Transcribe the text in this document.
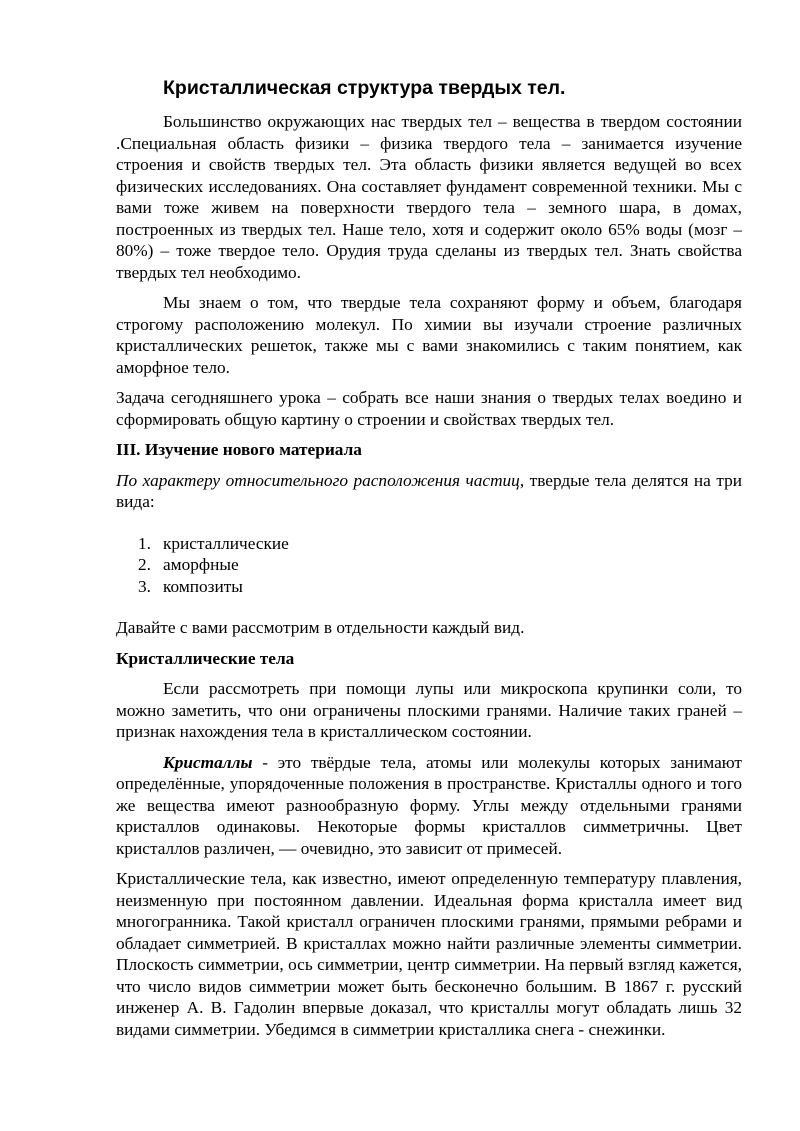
Кристаллическая структура твердых тел.

Большинство окружающих нас твердых тел – вещества в твердом состоянии .Специальная область физики – физика твердого тела – занимается изучение строения и свойств твердых тел. Эта область физики является ведущей во всех физических исследованиях. Она составляет фундамент современной техники. Мы с вами тоже живем на поверхности твердого тела – земного шара, в домах, построенных из твердых тел. Наше тело, хотя и содержит около 65% воды (мозг – 80%) – тоже твердое тело. Орудия труда сделаны из твердых тел. Знать свойства твердых тел необходимо.

Мы знаем о том, что твердые тела сохраняют форму и объем, благодаря строгому расположению молекул. По химии вы изучали строение различных кристаллических решеток, также мы с вами знакомились с таким понятием, как аморфное тело.

Задача сегодняшнего урока – собрать все наши знания о твердых телах воедино и сформировать общую картину о строении и свойствах твердых тел.

III. Изучение нового материала

По характеру относительного расположения частиц, твердые тела делятся на три вида:

1. кристаллические
2. аморфные
3. композиты

Давайте с вами рассмотрим в отдельности каждый вид.

Кристаллические тела

Если рассмотреть при помощи лупы или микроскопа крупинки соли, то можно заметить, что они ограничены плоскими гранями. Наличие таких граней – признак нахождения тела в кристаллическом состоянии.

Кристаллы - это твёрдые тела, атомы или молекулы которых занимают определённые, упорядоченные положения в пространстве. Кристаллы одного и того же вещества имеют разнообразную форму. Углы между отдельными гранями кристаллов одинаковы. Некоторые формы кристаллов симметричны. Цвет кристаллов различен, — очевидно, это зависит от примесей.

Кристаллические тела, как известно, имеют определенную температуру плавления, неизменную при постоянном давлении. Идеальная форма кристалла имеет вид многогранника. Такой кристалл ограничен плоскими гранями, прямыми ребрами и обладает симметрией. В кристаллах можно найти различные элементы симметрии. Плоскость симметрии, ось симметрии, центр симметрии. На первый взгляд кажется, что число видов симметрии может быть бесконечно большим. В 1867 г. русский инженер А. В. Гадолин впервые доказал, что кристаллы могут обладать лишь 32 видами симметрии. Убедимся в симметрии кристаллика снега - снежинки.
